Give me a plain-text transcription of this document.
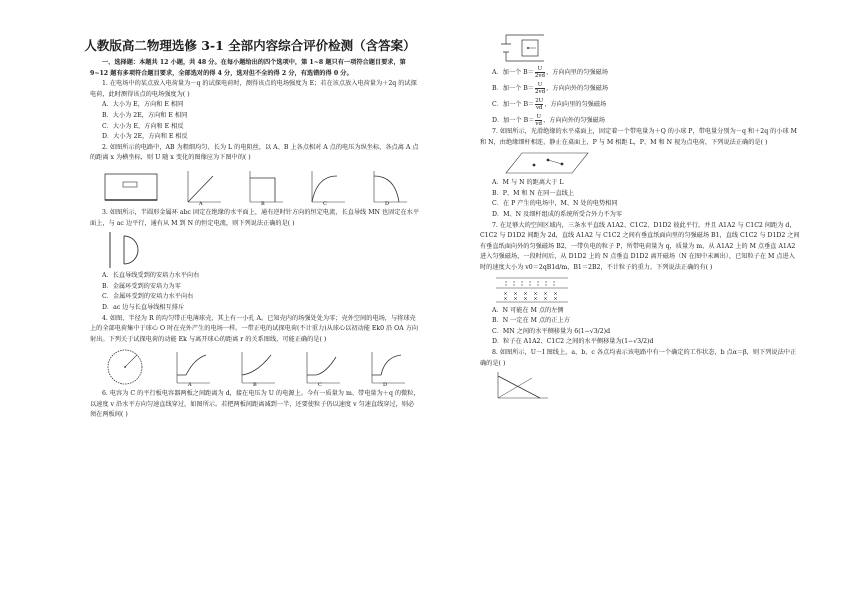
人教版高二物理选修 3-1 全部内容综合评价检测（含答案）

一、选择题：本题共 12 小题，共 48 分。在每小题给出的四个选项中，第 1~8 题只有一项符合题目要求，第 9~12 题有多项符合题目要求，全部选对的得 4 分，选对但不全的得 2 分，有选错的得 0 分。

1. 在电场中的某点放入电荷量为－q 的试探电荷时，测得该点的电场强度为 E；若在该点放入电荷量为＋2q 的试探电荷，此时测得该点的电场强度为( )

A．大小为 E，方向和 E 相同

B．大小为 2E，方向和 E 相同

C．大小为 E，方向和 E 相反

D．大小为 2E，方向和 E 相反

2. 如图所示的电路中，AB 为粗细均匀、长为 L 的电阻丝，以 A、B 上各点相对 A 点的电压为纵坐标，各点离 A 点的距离 x 为横坐标，则 U 随 x 变化的图像应为下图中的( )

A	B	C	D

3. 如图所示，半圆形金属环 abc 固定在绝缘的水平面上，通有逆时针方向的恒定电流，长直导线 MN 也固定在水平面上，与 ac 边平行，通有从 M 到 N 的恒定电流，则下列说法正确的是( )

A．长直导线受到的安培力水平向右

B．金属环受到的安培力为零

C．金属环受到的安培力水平向右

D．ac 边与长直导线相互排斥

4. 如图，半径为 R 的均匀带正电薄球壳，其上有一小孔 A。已知壳内的场强处处为零；壳外空间的电场，与将球壳上的全部电荷集中于球心 O 时在壳外产生的电场一样。一带正电的试探电荷(不计重力)从球心以初动能 Ek0 沿 OA 方向射出。下列关于试探电荷的动能 Ek 与离开球心的距离 r 的关系图线，可能正确的是( )

A	B	C	D

6. 电容为 C 的平行板电容器两板之间距离为 d，接在电压为 U 的电源上。今有一质量为 m、带电量为＋q 的微粒，以速度 v 沿水平方向匀速直线穿过，如图所示。若把两板间距离减到一半，还要使粒子仍以速度 v 匀速直线穿过，则必须在两板间( )

A．加一个 $B= \frac{U}{2vd}$ ，方向向里的匀强磁场

B．加一个 $B= \frac{U}{2vd}$ ，方向向外的匀强磁场

C．加一个 $B= \frac{2U}{vd}$ ，方向向里的匀强磁场

D．加一个 $B= \frac{U}{vd}$ ，方向向外的匀强磁场

7. 如图所示，光滑绝缘的水平桌面上，固定着一个带电量为＋Q 的小球 P，带电量分别为－q 和＋2q 的小球 M 和 N，由绝缘细杆相连，静止在桌面上，P 与 M 相距 L，P、M 和 N 视为点电荷，下列说法正确的是( )

A．M 与 N 的距离大于 L

B．P、M 和 N 在同一直线上

C．在 P 产生的电场中，M、N 处的电势相同

D．M、N 及细杆组成的系统所受合外力不为零

7. 在足够大的空间区域内，三条水平直线 A1A2、C1C2、D1D2 彼此平行，并且 A1A2 与 C1C2 间距为 d，C1C2 与 D1D2 间距为 2d，直线 A1A2 与 C1C2 之间有垂直纸面向里的匀强磁场 B1，直线 C1C2 与 D1D2 之间有垂直纸面向外的匀强磁场 B2，一带负电的粒子 P，所带电荷量为 q，质量为 m，从 A1A2 上的 M 点垂直 A1A2 进入匀强磁场，一段时间后，从 D1D2 上的 N 点垂直 D1D2 离开磁场（N 在图中未画出），已知粒子在 M 点进入时的速度大小为 v0＝2qB1d/m，B1＝2B2，不计粒子的重力，下列说法正确的有( )

A．N 可能在 M 点的左侧

B．N 一定在 M 点的正上方

C．MN 之间的水平侧移量为 6(1−√3/2)d

D．粒子在 A1A2、C1C2 之间的水平侧移量为(1−√3/2)d

8. 如图所示，U－I 图线上，a、b、c 各点均表示该电路中有一个确定的工作状态，b 点α＝β，则下列说法中正确的是( )
